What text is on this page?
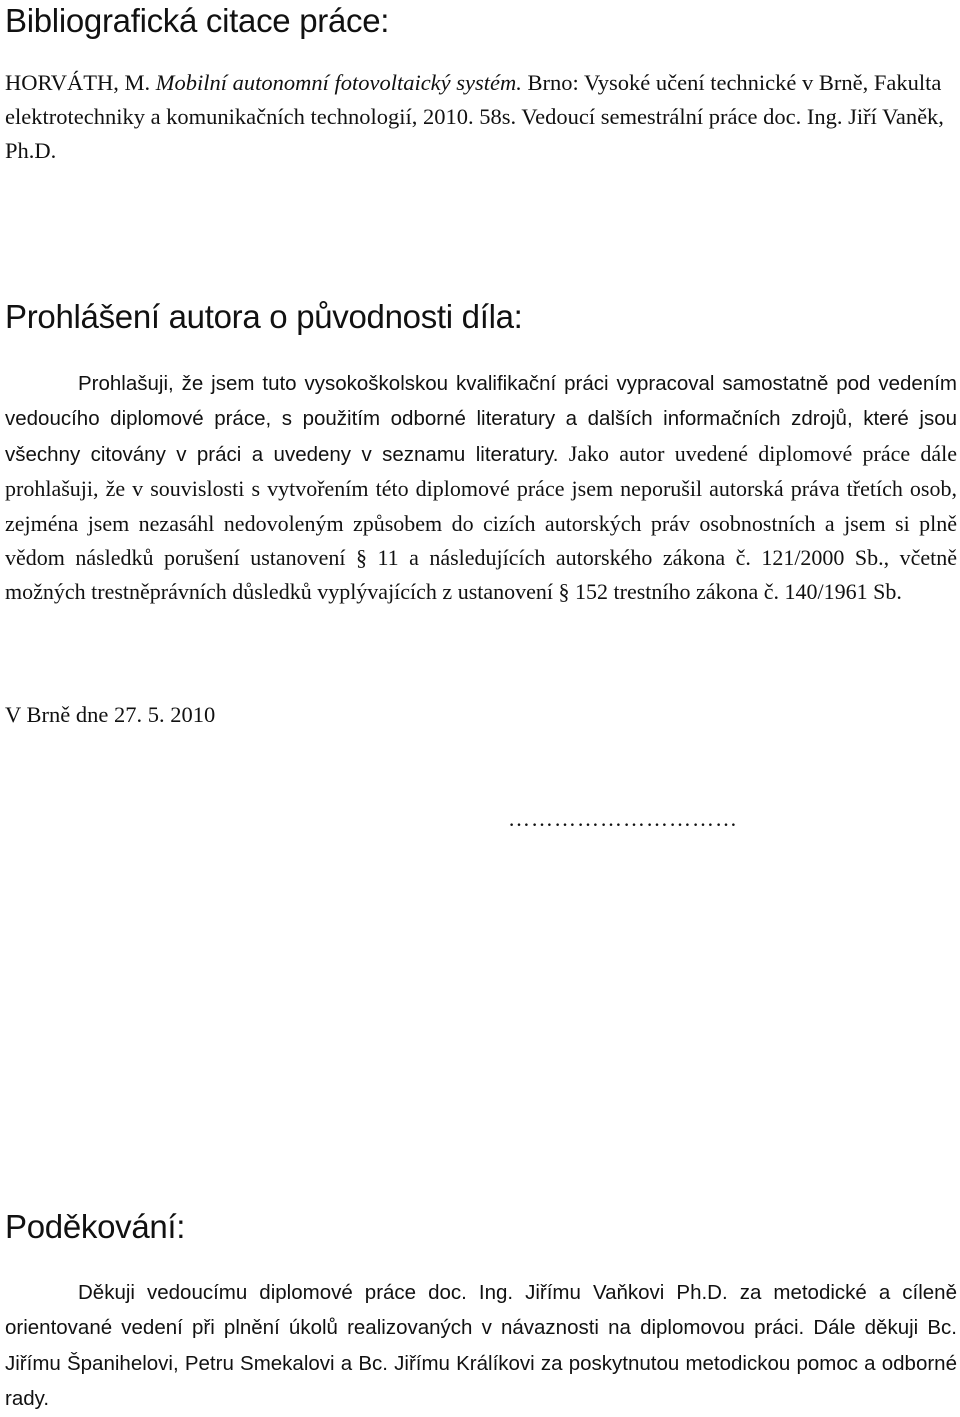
Bibliografická citace práce:

HORVÁTH, M. Mobilní autonomní fotovoltaický systém. Brno: Vysoké učení technické v Brně, Fakulta elektrotechniky a komunikačních technologií, 2010. 58s. Vedoucí semestrální práce doc. Ing. Jiří Vaněk, Ph.D.

Prohlášení autora o původnosti díla:

Prohlašuji, že jsem tuto vysokoškolskou kvalifikační práci vypracoval samostatně pod vedením vedoucího diplomové práce, s použitím odborné literatury a dalších informačních zdrojů, které jsou všechny citovány v práci a uvedeny v seznamu literatury. Jako autor uvedené diplomové práce dále prohlašuji, že v souvislosti s vytvořením této diplomové práce jsem neporušil autorská práva třetích osob, zejména jsem nezasáhl nedovoleným způsobem do cizích autorských práv osobnostních a jsem si plně vědom následků porušení ustanovení § 11 a následujících autorského zákona č. 121/2000 Sb., včetně možných trestněprávních důsledků vyplývajících z ustanovení § 152 trestního zákona č. 140/1961 Sb.

V Brně dne 27. 5. 2010

…………………………

Poděkování:

Děkuji vedoucímu diplomové práce doc. Ing. Jiřímu Vaňkovi Ph.D. za metodické a cíleně orientované vedení při plnění úkolů realizovaných v návaznosti na diplomovou práci. Dále děkuji Bc. Jiřímu Španihelovi, Petru Smekalovi a Bc. Jiřímu Králíkovi za poskytnutou metodickou pomoc a odborné rady.
